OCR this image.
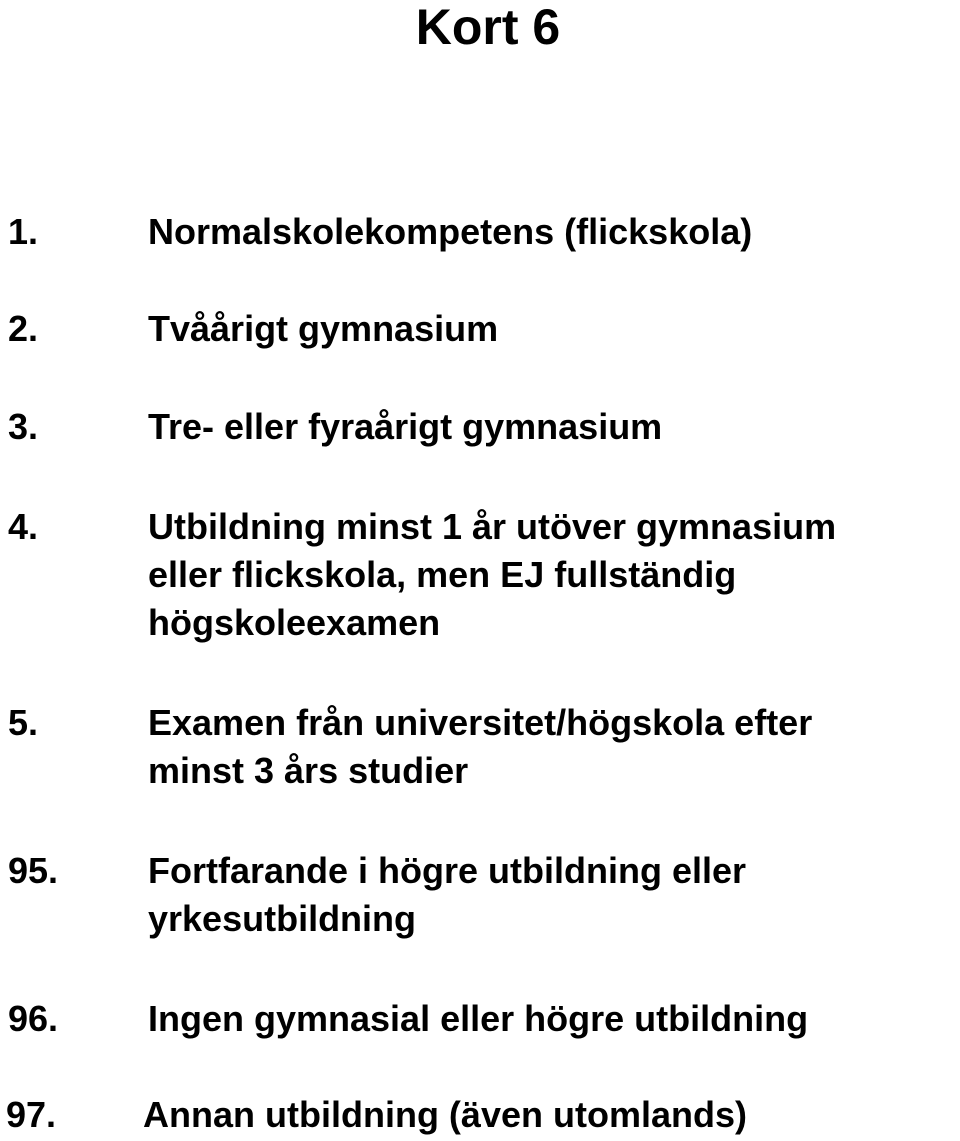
Kort 6
1.	Normalskolekompetens (flickskola)
2.	Tvåårigt gymnasium
3.	Tre- eller fyraårigt gymnasium
4.	Utbildning minst 1 år utöver gymnasium
eller flickskola, men EJ fullständig
högskoleexamen
5.	Examen från universitet/högskola efter
minst 3 års studier
95. Fortfarande i högre utbildning eller
yrkesutbildning
96. Ingen gymnasial eller högre utbildning
97. Annan utbildning (även utomlands)
